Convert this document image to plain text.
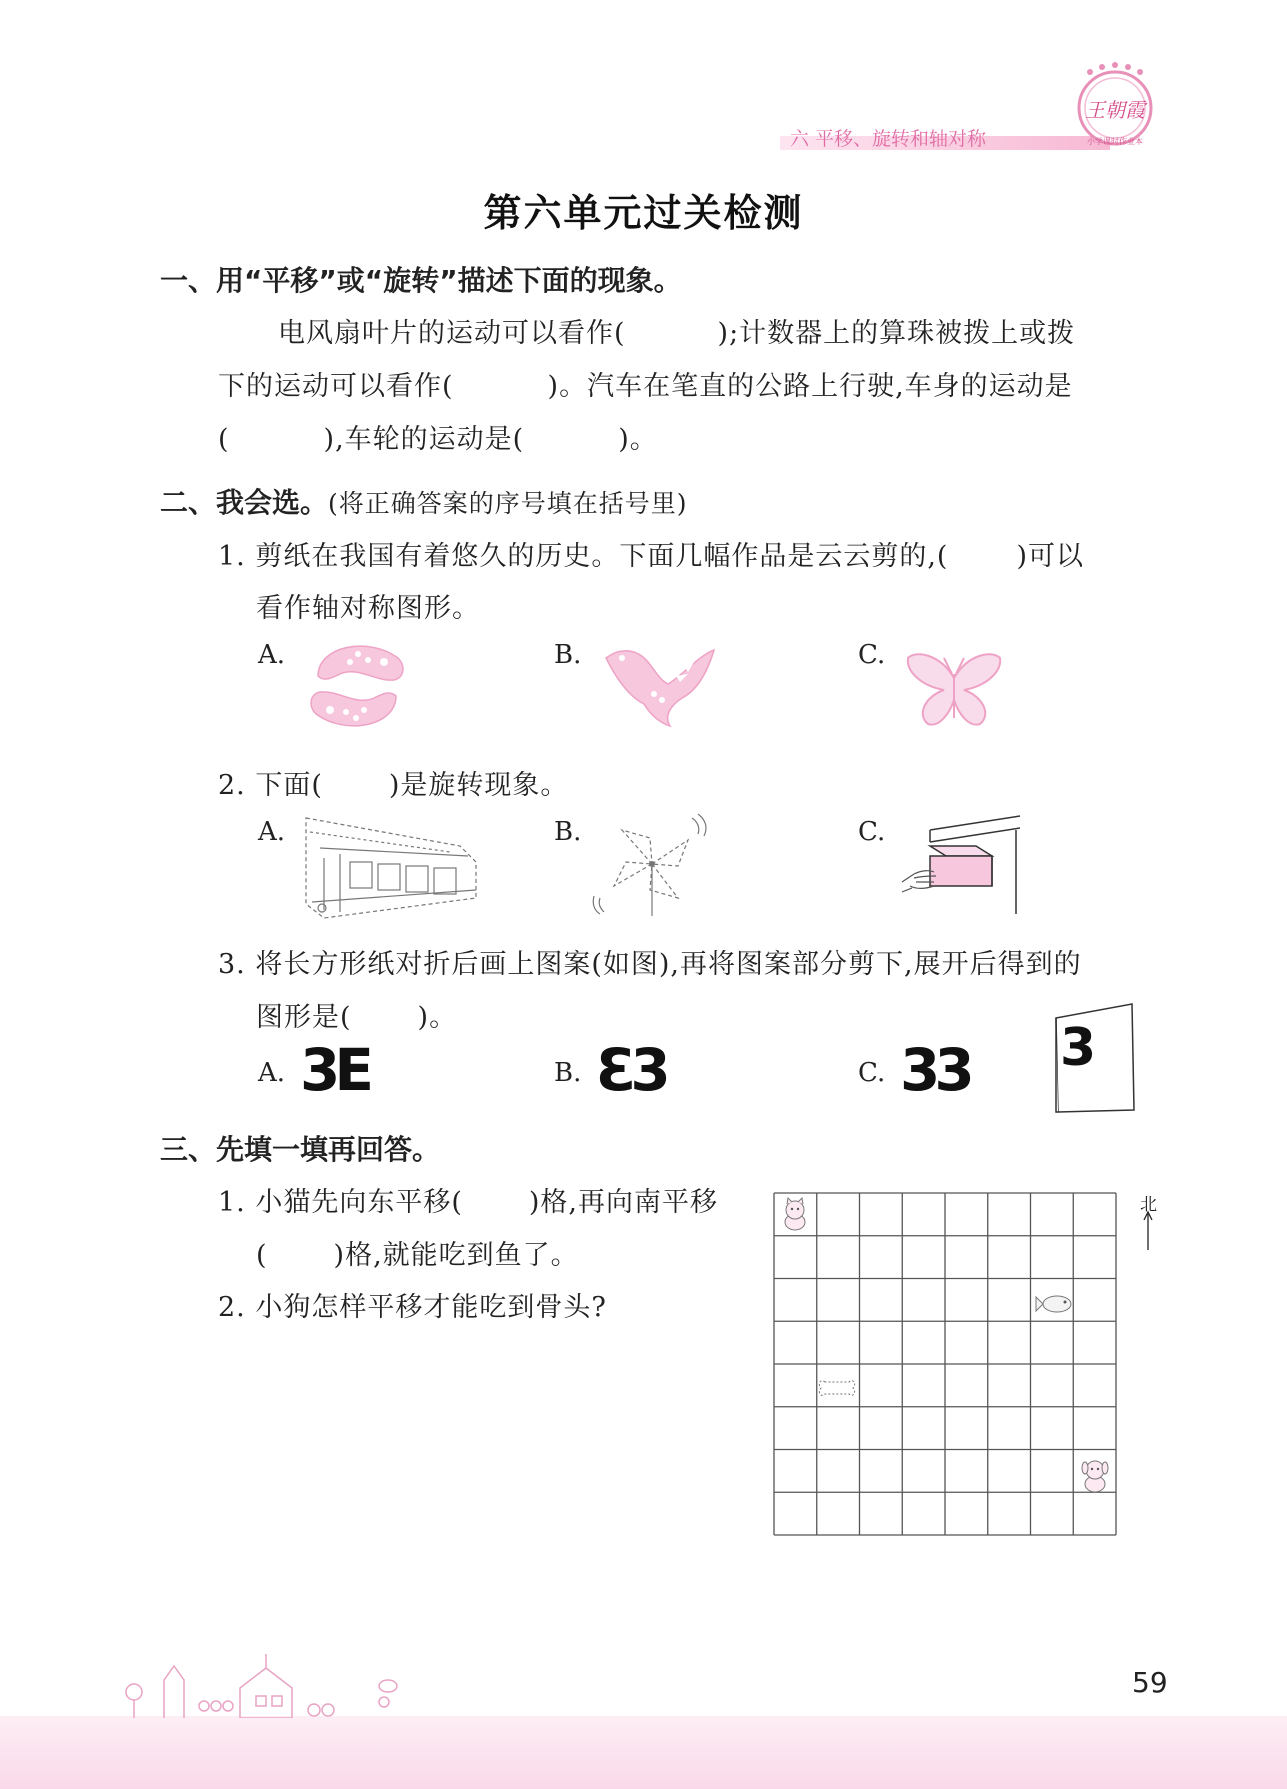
六 平移、旋转和轴对称
王朝霞
小学课时作业本
第六单元过关检测
一、用“平移”或“旋转”描述下面的现象。
电风扇叶片的运动可以看作(	);计数器上的算珠被拨上或拨
下的运动可以看作(	)。汽车在笔直的公路上行驶,车身的运动是
(	),车轮的运动是(	)。
二、我会选。(将正确答案的序号填在括号里)
1. 剪纸在我国有着悠久的历史。下面几幅作品是云云剪的,(	)可以
看作轴对称图形。
A.	B.	C.
2. 下面( )是旋转现象。
A.	B.	C.
3. 将长方形纸对折后画上图案(如图),再将图案部分剪下,展开后得到的
图形是( )。
A. 3E	B. Ɛ3	C. 33 3
三、先填一填再回答。
1. 小猫先向东平移( )格,再向南平移
( )格,就能吃到鱼了。
2. 小狗怎样平移才能吃到骨头?
北
59
